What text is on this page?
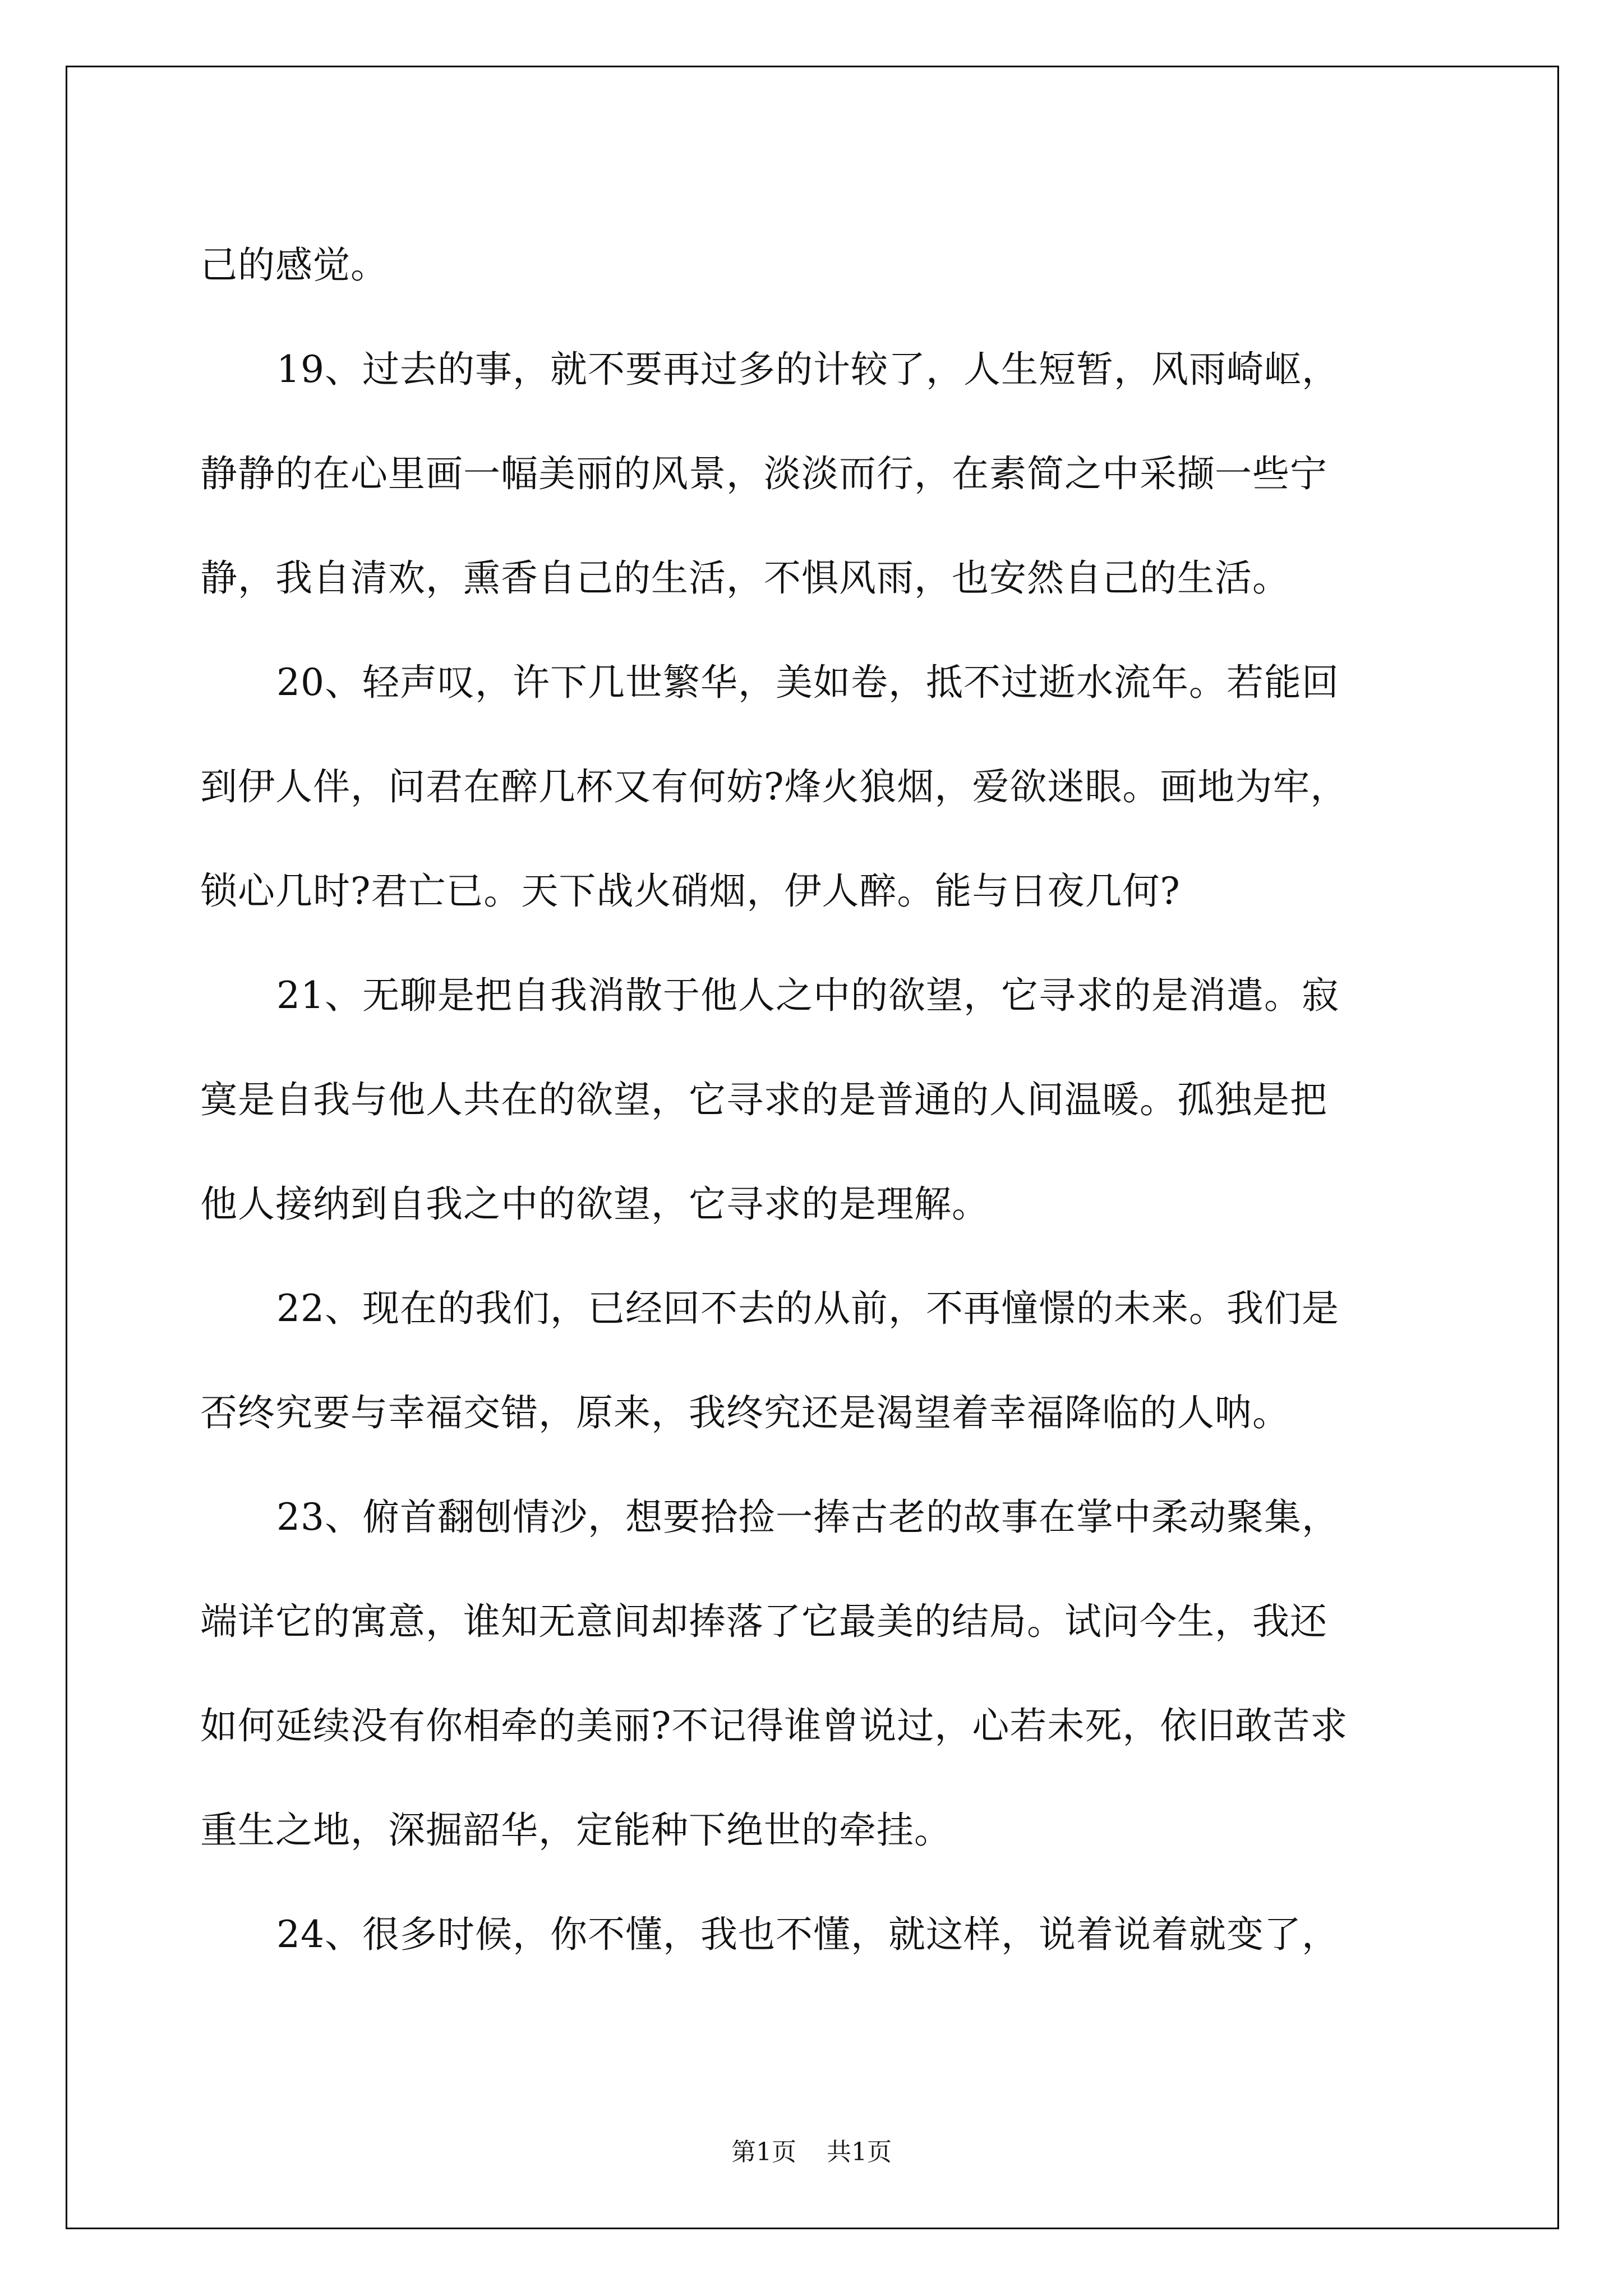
己的感觉。

19、过去的事，就不要再过多的计较了，人生短暂，风雨崎岖，
静静的在心里画一幅美丽的风景，淡淡而行，在素简之中采撷一些宁
静，我自清欢，熏香自己的生活，不惧风雨，也安然自己的生活。

20、轻声叹，许下几世繁华，美如卷，抵不过逝水流年。若能回
到伊人伴，问君在醉几杯又有何妨?烽火狼烟，爱欲迷眼。画地为牢，
锁心几时?君亡已。天下战火硝烟，伊人醉。能与日夜几何?

21、无聊是把自我消散于他人之中的欲望，它寻求的是消遣。寂
寞是自我与他人共在的欲望，它寻求的是普通的人间温暖。孤独是把
他人接纳到自我之中的欲望，它寻求的是理解。

22、现在的我们，已经回不去的从前，不再憧憬的未来。我们是
否终究要与幸福交错，原来，我终究还是渴望着幸福降临的人呐。

23、俯首翻刨情沙，想要拾捡一捧古老的故事在掌中柔动聚集，
端详它的寓意，谁知无意间却捧落了它最美的结局。试问今生，我还
如何延续没有你相牵的美丽?不记得谁曾说过，心若未死，依旧敢苦求
重生之地，深掘韶华，定能种下绝世的牵挂。

24、很多时候，你不懂，我也不懂，就这样，说着说着就变了，

第1页 共1页
